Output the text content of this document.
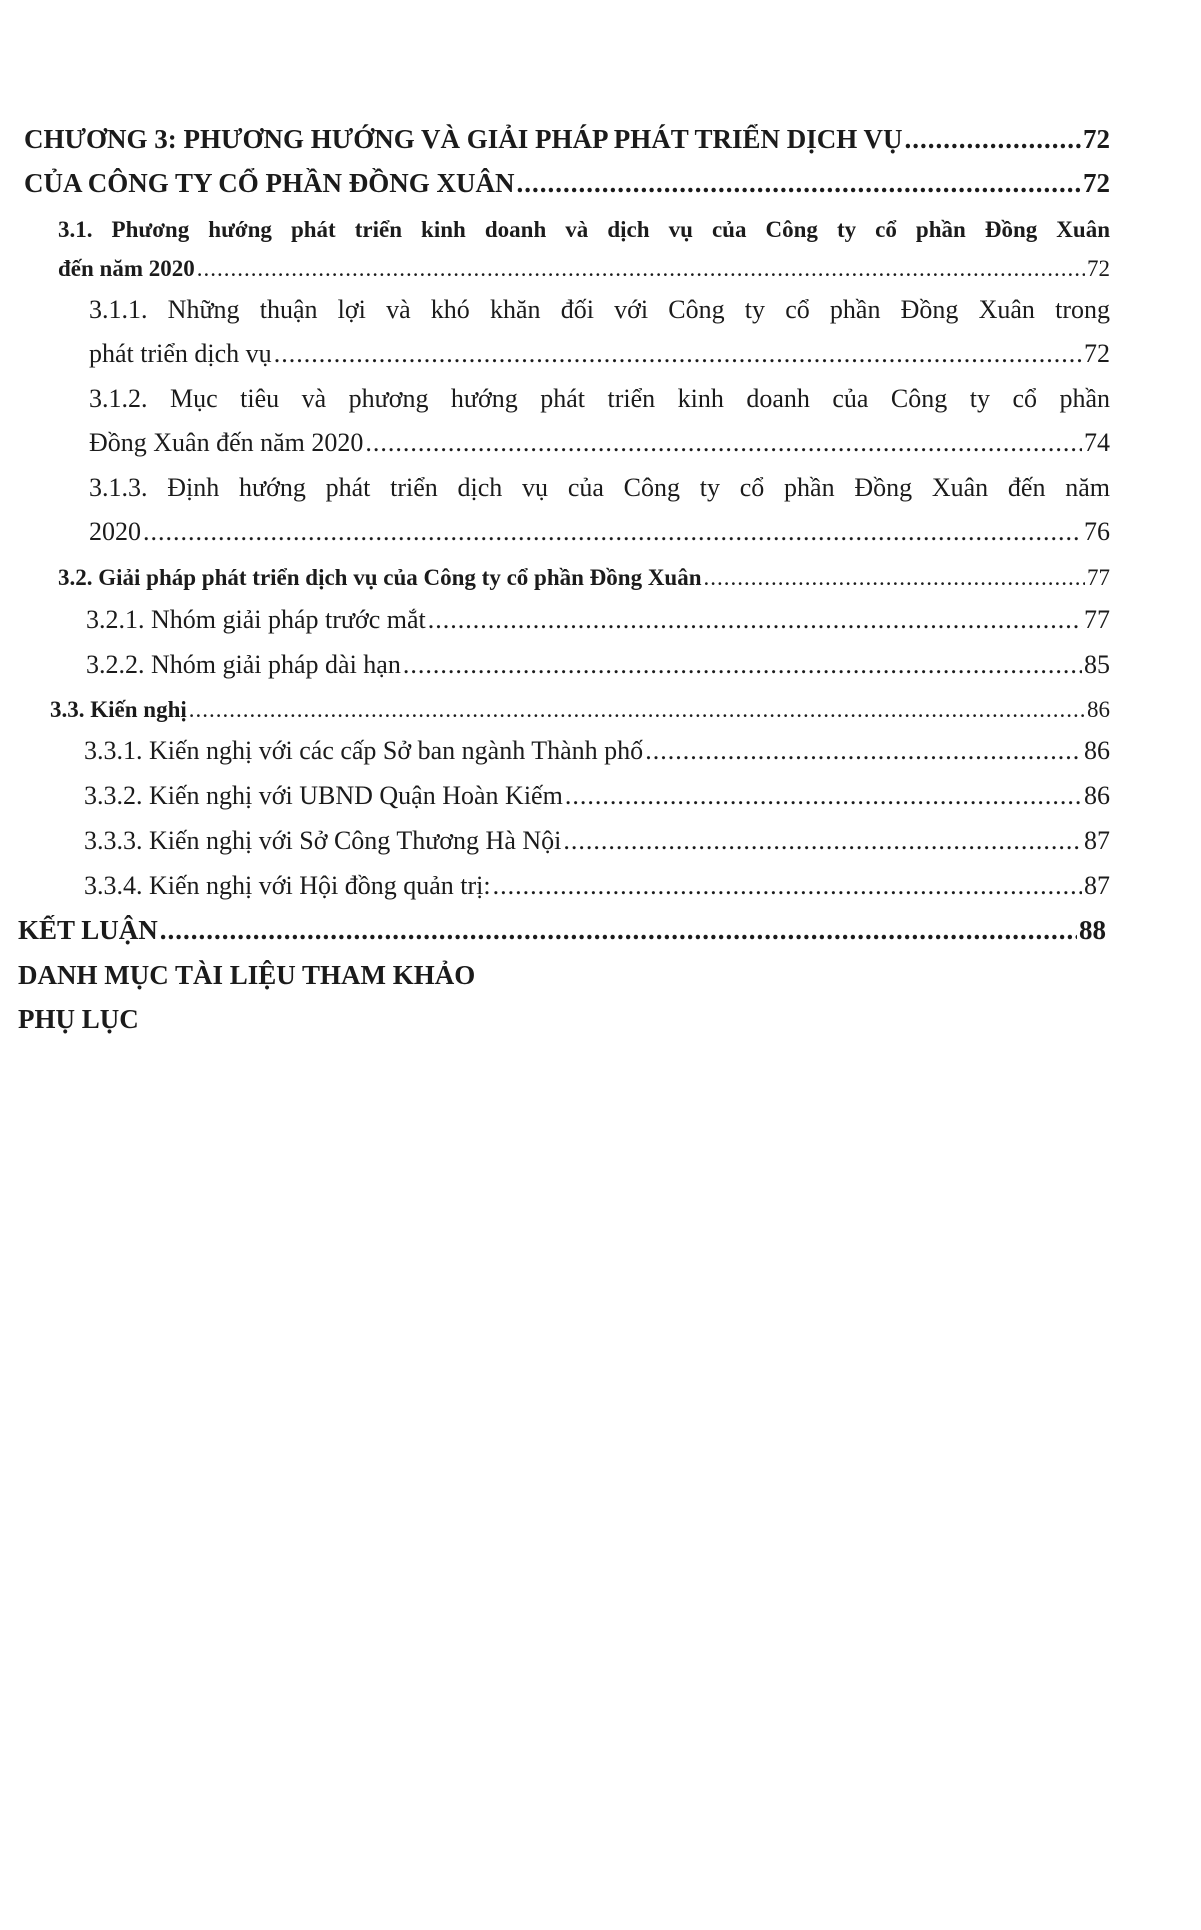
CHƯƠNG 3: PHƯƠNG HƯỚNG VÀ GIẢI PHÁP PHÁT TRIỂN DỊCH VỤ .....	72
CỦA CÔNG TY CỔ PHẦN ĐỒNG XUÂN .....	72
3.1. Phương hướng phát triển kinh doanh và dịch vụ của Công ty cổ phần Đồng Xuân
đến năm 2020 .....	72
3.1.1. Những thuận lợi và khó khăn đối với Công ty cổ phần Đồng Xuân trong
phát triển dịch vụ .....	72
3.1.2. Mục tiêu và phương hướng phát triển kinh doanh của Công ty cổ phần
Đồng Xuân đến năm 2020 .....	74
3.1.3. Định hướng phát triển dịch vụ của Công ty cổ phần Đồng Xuân đến năm
2020 .....	76
3.2. Giải pháp phát triển dịch vụ của Công ty cổ phần Đồng Xuân .....	77
3.2.1. Nhóm giải pháp trước mắt .....	77
3.2.2. Nhóm giải pháp dài hạn .....	85
3.3. Kiến nghị .....	86
3.3.1. Kiến nghị với các cấp Sở ban ngành Thành phố .....	86
3.3.2. Kiến nghị với UBND Quận Hoàn Kiếm .....	86
3.3.3. Kiến nghị với Sở Công Thương Hà Nội .....	87
3.3.4. Kiến nghị với Hội đồng quản trị: .....	87
KẾT LUẬN .....	88
DANH MỤC TÀI LIỆU THAM KHẢO
PHỤ LỤC
